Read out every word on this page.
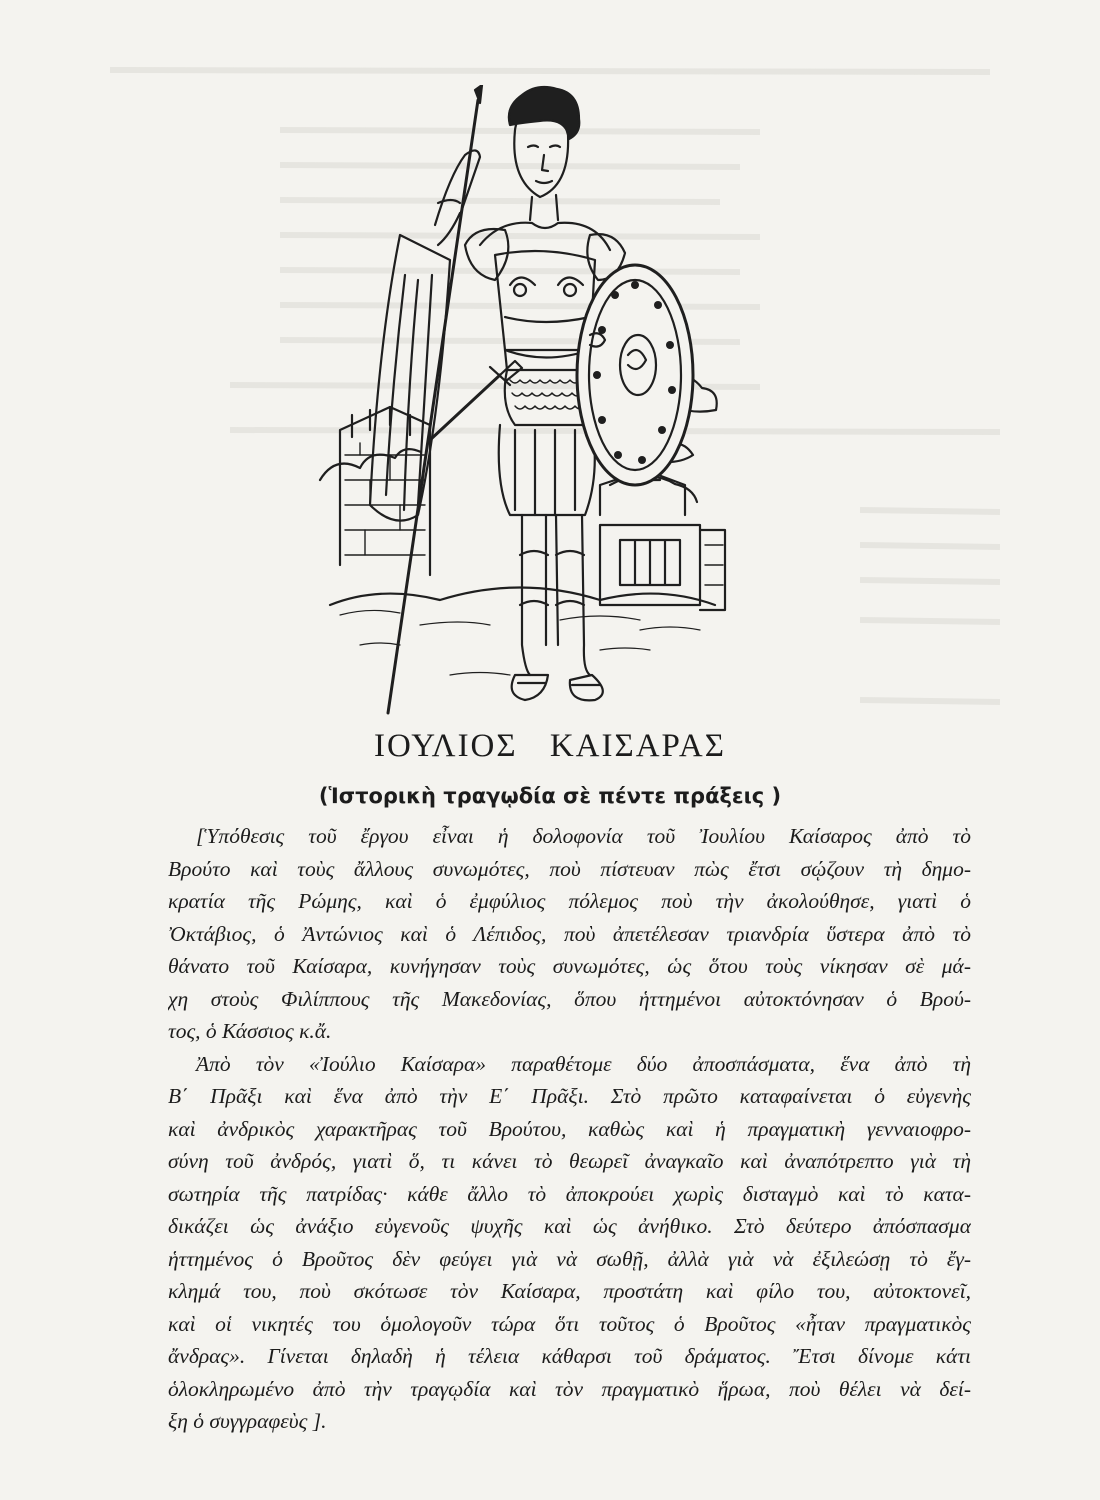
ΙΟΥΛΙΟΣ ΚΑΙΣΑΡΑΣ
(Ἱστορικὴ τραγῳδία σὲ πέντε πράξεις )
[Ὑπόθεσις τοῦ ἔργου εἶναι ἡ δολοφονία τοῦ Ἰουλίου Καίσαρος ἀπὸ τὸ
Βρούτο καὶ τοὺς ἄλλους συνωμότες, ποὺ πίστευαν πὼς ἔτσι σῴζουν τὴ δημο-
κρατία τῆς Ρώμης, καὶ ὁ ἐμφύλιος πόλεμος ποὺ τὴν ἀκολούθησε, γιατὶ ὁ
Ὀκτάβιος, ὁ Ἀντώνιος καὶ ὁ Λέπιδος, ποὺ ἀπετέλεσαν τριανδρία ὕστερα ἀπὸ τὸ
θάνατο τοῦ Καίσαρα, κυνήγησαν τοὺς συνωμότες, ὡς ὅτου τοὺς νίκησαν σὲ μά-
χη στοὺς Φιλίππους τῆς Μακεδονίας, ὅπου ἡττημένοι αὐτοκτόνησαν ὁ Βρού-
τος, ὁ Κάσσιος κ.ἄ.
Ἀπὸ τὸν «Ἰούλιο Καίσαρα» παραθέτομε δύο ἀποσπάσματα, ἕνα ἀπὸ τὴ
Β΄ Πρᾶξι καὶ ἕνα ἀπὸ τὴν Ε΄ Πρᾶξι. Στὸ πρῶτο καταφαίνεται ὁ εὐγενὴς
καὶ ἀνδρικὸς χαρακτῆρας τοῦ Βρούτου, καθὼς καὶ ἡ πραγματικὴ γενναιοφρο-
σύνη τοῦ ἀνδρός, γιατὶ ὅ, τι κάνει τὸ θεωρεῖ ἀναγκαῖο καὶ ἀναπότρεπτο γιὰ τὴ
σωτηρία τῆς πατρίδας· κάθε ἄλλο τὸ ἀποκρούει χωρὶς δισταγμὸ καὶ τὸ κατα-
δικάζει ὡς ἀνάξιο εὐγενοῦς ψυχῆς καὶ ὡς ἀνήθικο. Στὸ δεύτερο ἀπόσπασμα
ἡττημένος ὁ Βροῦτος δὲν φεύγει γιὰ νὰ σωθῇ, ἀλλὰ γιὰ νὰ ἐξιλεώσῃ τὸ ἔγ-
κλημά του, ποὺ σκότωσε τὸν Καίσαρα, προστάτη καὶ φίλο του, αὐτοκτονεῖ,
καὶ οἱ νικητές του ὁμολογοῦν τώρα ὅτι τοῦτος ὁ Βροῦτος «ἦταν πραγματικὸς
ἄνδρας». Γίνεται δηλαδὴ ἡ τέλεια κάθαρσι τοῦ δράματος. Ἔτσι δίνομε κάτι
ὁλοκληρωμένο ἀπὸ τὴν τραγῳδία καὶ τὸν πραγματικὸ ἥρωα, ποὺ θέλει νὰ δεί-
ξη ὁ συγγραφεὺς ].
